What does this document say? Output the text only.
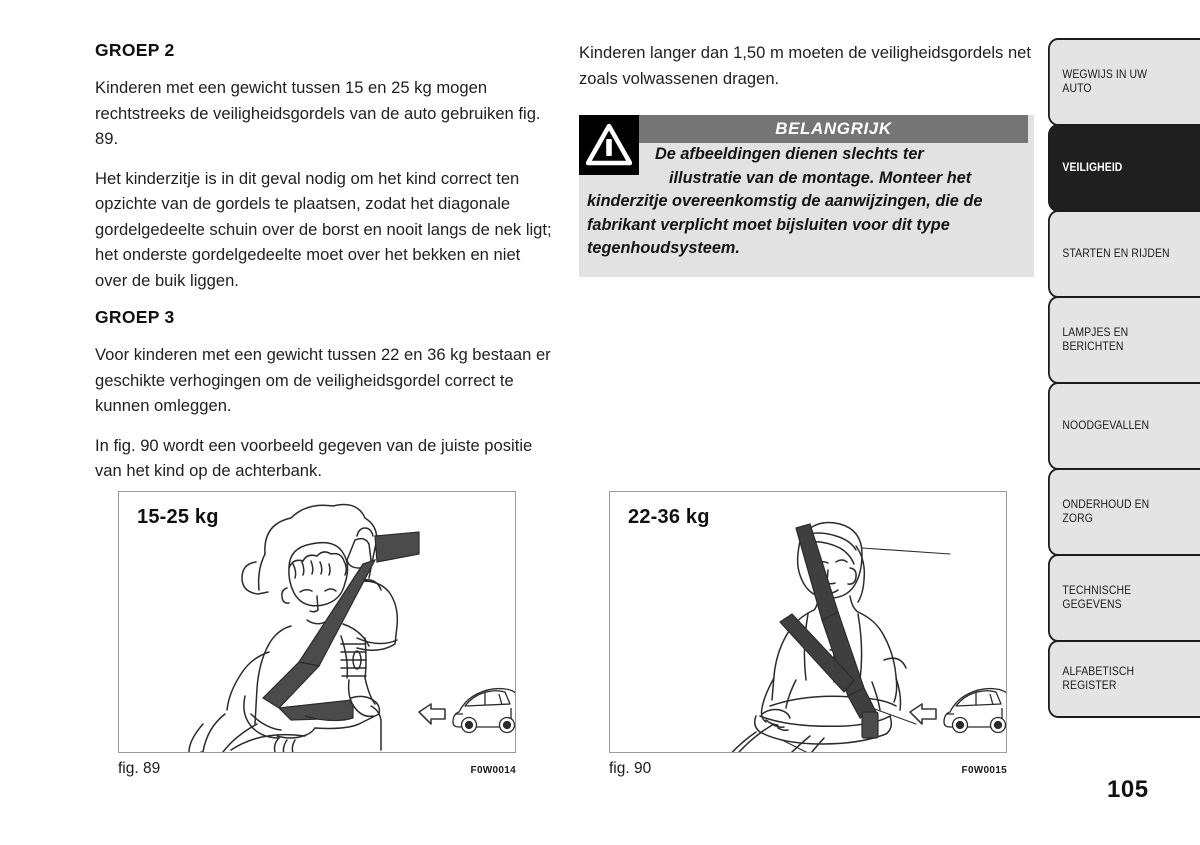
GROEP 2

Kinderen met een gewicht tussen 15 en 25 kg mogen rechtstreeks de veiligheidsgordels van de auto gebruiken fig. 89.

Het kinderzitje is in dit geval nodig om het kind correct ten opzichte van de gordels te plaatsen, zodat het diagonale gordelgedeelte schuin over de borst en nooit langs de nek ligt; het onderste gordelgedeelte moet over het bekken en niet over de buik liggen.

GROEP 3

Voor kinderen met een gewicht tussen 22 en 36 kg bestaan er geschikte verhogingen om de veiligheidsgordel correct te kunnen omleggen.

In fig. 90 wordt een voorbeeld gegeven van de juiste positie van het kind op de achterbank.

Kinderen langer dan 1,50 m moeten de veiligheidsgordels net zoals volwassenen dragen.

BELANGRIJK
De afbeeldingen dienen slechts ter
illustratie van de montage. Monteer het
kinderzitje overeenkomstig de aanwijzingen, die de fabrikant verplicht moet bijsluiten voor dit type tegenhoudsysteem.
15-25 kg
fig. 89	F0W0014
22-36 kg
fig. 90	F0W0015
WEGWIJS IN UW
AUTO
VEILIGHEID
STARTEN EN RIJDEN
LAMPJES EN
BERICHTEN
NOODGEVALLEN
ONDERHOUD EN
ZORG
TECHNISCHE
GEGEVENS
ALFABETISCH
REGISTER
105
